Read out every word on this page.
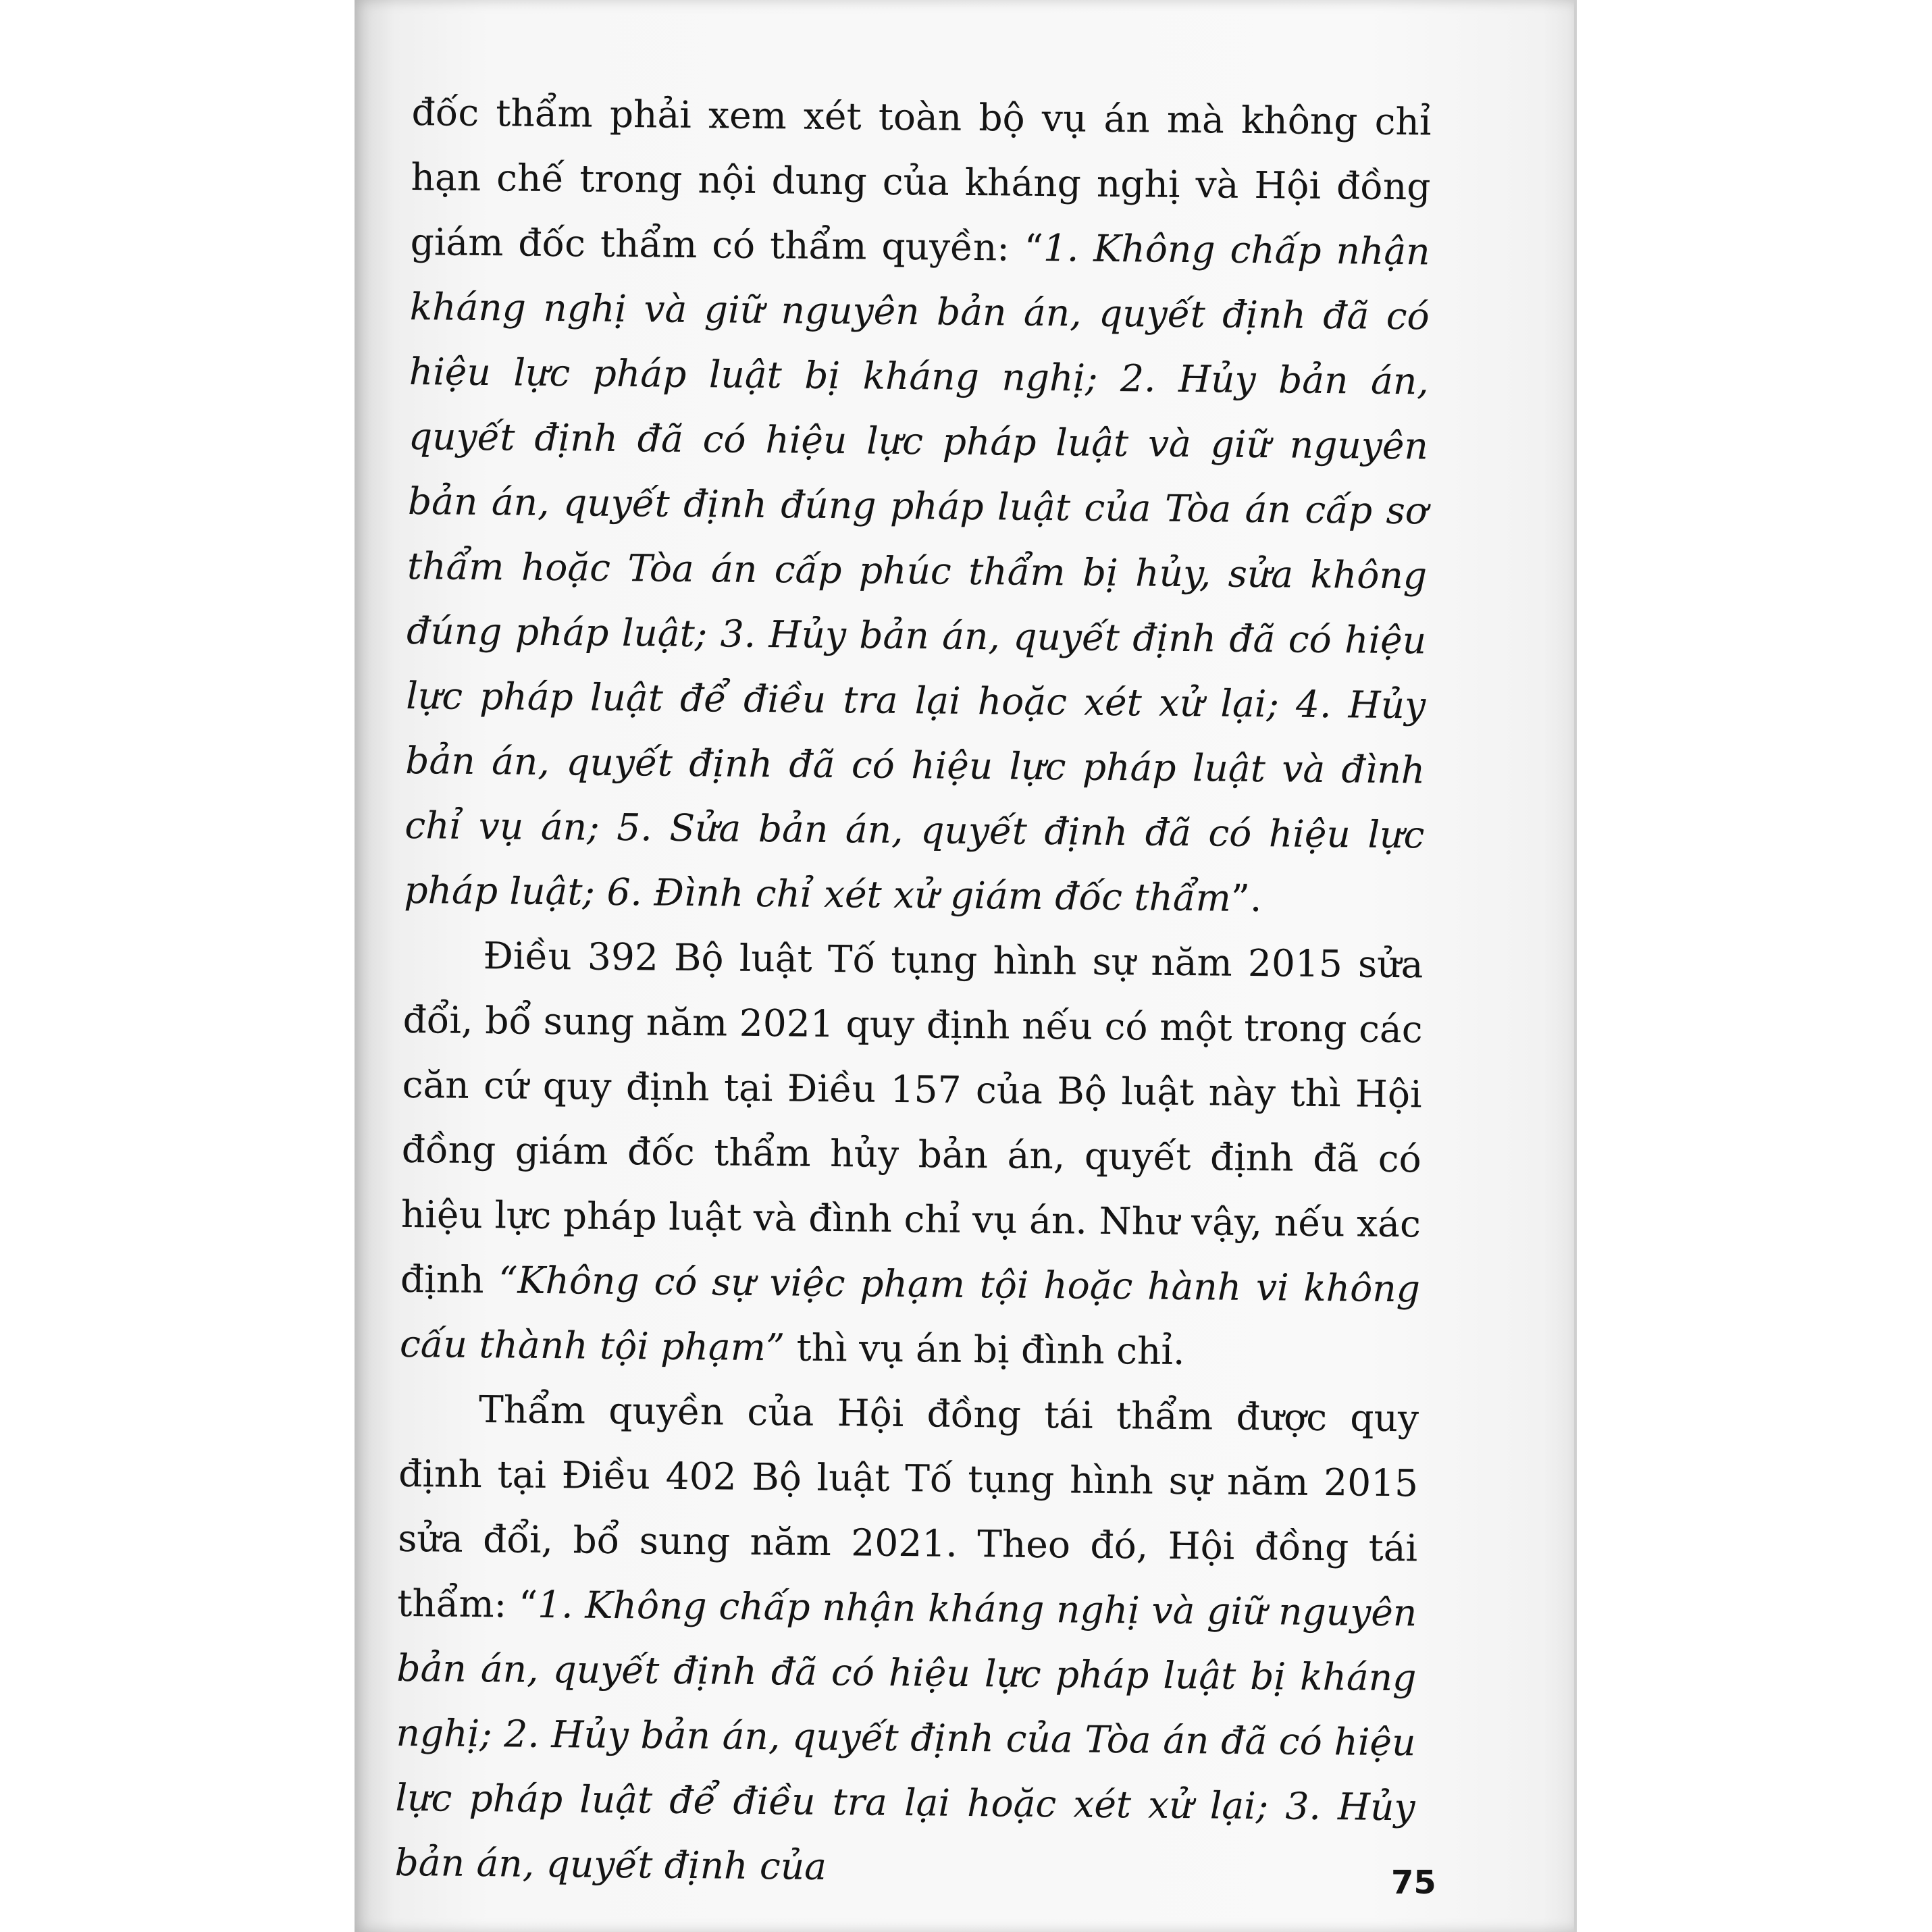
đốc thẩm phải xem xét toàn bộ vụ án mà không chỉ hạn chế trong nội dung của kháng nghị và Hội đồng giám đốc thẩm có thẩm quyền: “1. Không chấp nhận kháng nghị và giữ nguyên bản án, quyết định đã có hiệu lực pháp luật bị kháng nghị; 2. Hủy bản án, quyết định đã có hiệu lực pháp luật và giữ nguyên bản án, quyết định đúng pháp luật của Tòa án cấp sơ thẩm hoặc Tòa án cấp phúc thẩm bị hủy, sửa không đúng pháp luật; 3. Hủy bản án, quyết định đã có hiệu lực pháp luật để điều tra lại hoặc xét xử lại; 4. Hủy bản án, quyết định đã có hiệu lực pháp luật và đình chỉ vụ án; 5. Sửa bản án, quyết định đã có hiệu lực pháp luật; 6. Đình chỉ xét xử giám đốc thẩm”.

Điều 392 Bộ luật Tố tụng hình sự năm 2015 sửa đổi, bổ sung năm 2021 quy định nếu có một trong các căn cứ quy định tại Điều 157 của Bộ luật này thì Hội đồng giám đốc thẩm hủy bản án, quyết định đã có hiệu lực pháp luật và đình chỉ vụ án. Như vậy, nếu xác định “Không có sự việc phạm tội hoặc hành vi không cấu thành tội phạm” thì vụ án bị đình chỉ.

Thẩm quyền của Hội đồng tái thẩm được quy định tại Điều 402 Bộ luật Tố tụng hình sự năm 2015 sửa đổi, bổ sung năm 2021. Theo đó, Hội đồng tái thẩm: “1. Không chấp nhận kháng nghị và giữ nguyên bản án, quyết định đã có hiệu lực pháp luật bị kháng nghị; 2. Hủy bản án, quyết định của Tòa án đã có hiệu lực pháp luật để điều tra lại hoặc xét xử lại; 3. Hủy bản án, quyết định của	75
